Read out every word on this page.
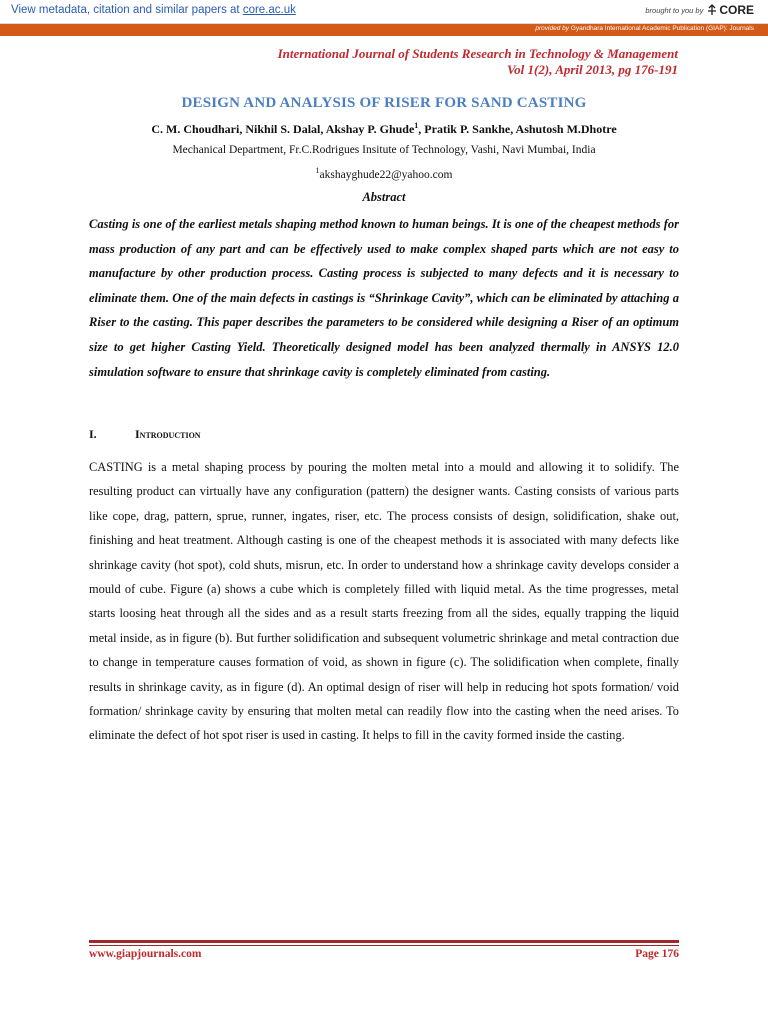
View metadata, citation and similar papers at core.ac.uk	brought to you by CORE
provided by Gyandhara International Academic Publication (GIAP): Journals
International Journal of Students Research in Technology & Management
Vol 1(2), April 2013, pg 176-191
DESIGN AND ANALYSIS OF RISER FOR SAND CASTING
C. M. Choudhari, Nikhil S. Dalal, Akshay P. Ghude$^1$, Pratik P. Sankhe, Ashutosh M.Dhotre
Mechanical Department, Fr.C.Rodrigues Insitute of Technology, Vashi, Navi Mumbai, India
$^1$akshayghude22@yahoo.com
Abstract
Casting is one of the earliest metals shaping method known to human beings. It is one of the cheapest methods for mass production of any part and can be effectively used to make complex shaped parts which are not easy to manufacture by other production process. Casting process is subjected to many defects and it is necessary to eliminate them. One of the main defects in castings is “Shrinkage Cavity”, which can be eliminated by attaching a Riser to the casting. This paper describes the parameters to be considered while designing a Riser of an optimum size to get higher Casting Yield. Theoretically designed model has been analyzed thermally in ANSYS 12.0 simulation software to ensure that shrinkage cavity is completely eliminated from casting.
I.	Introduction
CASTING is a metal shaping process by pouring the molten metal into a mould and allowing it to solidify. The resulting product can virtually have any configuration (pattern) the designer wants. Casting consists of various parts like cope, drag, pattern, sprue, runner, ingates, riser, etc. The process consists of design, solidification, shake out, finishing and heat treatment. Although casting is one of the cheapest methods it is associated with many defects like shrinkage cavity (hot spot), cold shuts, misrun, etc. In order to understand how a shrinkage cavity develops consider a mould of cube. Figure (a) shows a cube which is completely filled with liquid metal. As the time progresses, metal starts loosing heat through all the sides and as a result starts freezing from all the sides, equally trapping the liquid metal inside, as in figure (b). But further solidification and subsequent volumetric shrinkage and metal contraction due to change in temperature causes formation of void, as shown in figure (c). The solidification when complete, finally results in shrinkage cavity, as in figure (d). An optimal design of riser will help in reducing hot spots formation/ void formation/ shrinkage cavity by ensuring that molten metal can readily flow into the casting when the need arises. To eliminate the defect of hot spot riser is used in casting. It helps to fill in the cavity formed inside the casting.
www.giapjournals.com	Page 176
